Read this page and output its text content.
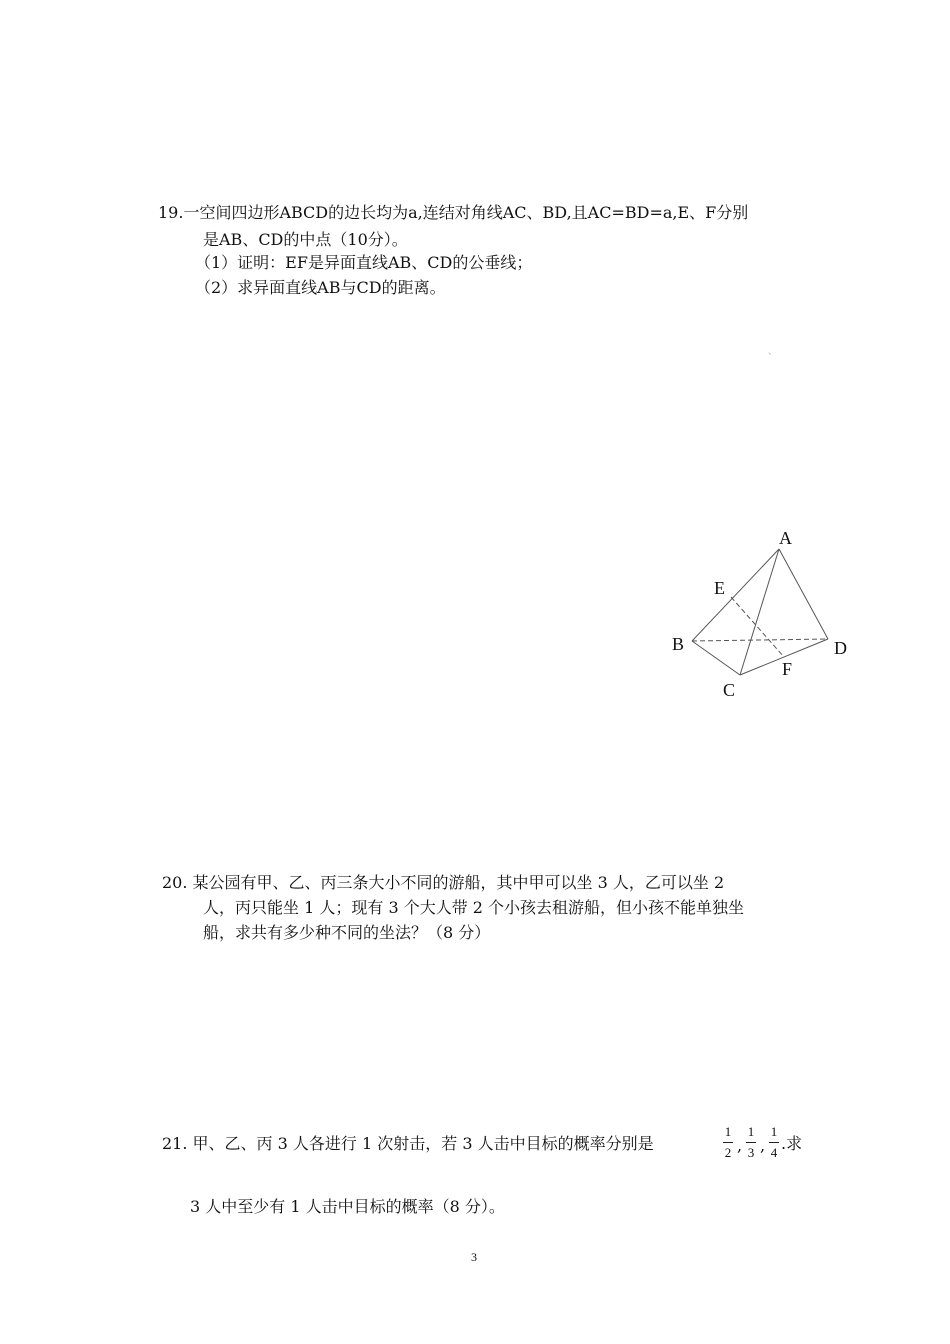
19.一空间四边形ABCD的边长均为a,连结对角线AC、BD,且AC=BD=a,E、F分别
是AB、CD的中点（10分）。
（1）证明：EF是异面直线AB、CD的公垂线；
（2）求异面直线AB与CD的距离。
、
A
E
B	D
F
C
20. 某公园有甲、乙、丙三条大小不同的游船，其中甲可以坐 3 人，乙可以坐 2
人，丙只能坐 1 人；现有 3 个大人带 2 个小孩去租游船，但小孩不能单独坐
船，求共有多少种不同的坐法？（8 分）
21. 甲、乙、丙 3 人各进行 1 次射击，若 3 人击中目标的概率分别是
1
2 ,
1
3 ,
1
4 .求
3 人中至少有 1 人击中目标的概率（8 分）。
3
